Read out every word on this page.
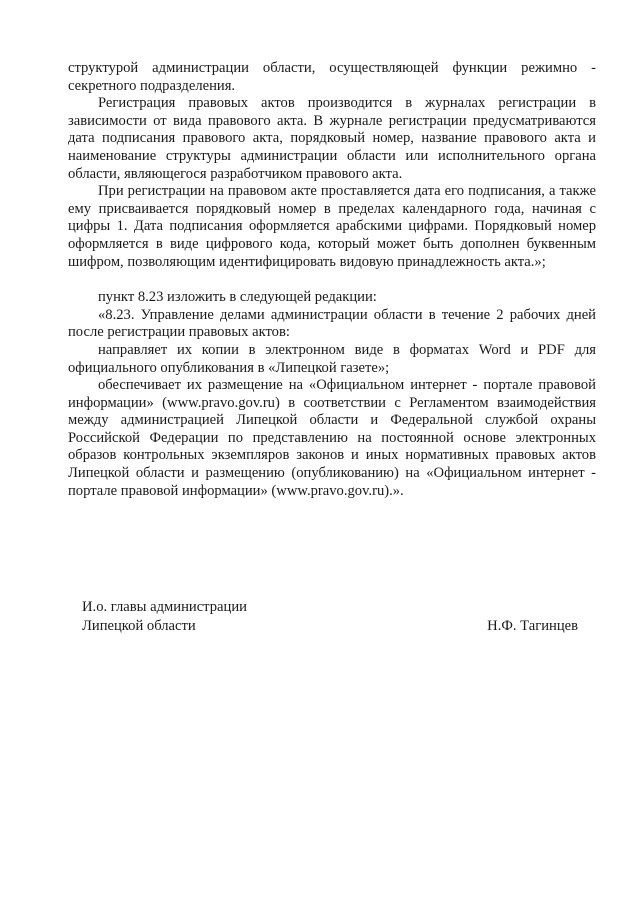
структурой администрации области, осуществляющей функции режимно - секретного подразделения.

Регистрация правовых актов производится в журналах регистрации в зависимости от вида правового акта. В журнале регистрации предусматриваются дата подписания правового акта, порядковый номер, название правового акта и наименование структуры администрации области или исполнительного органа области, являющегося разработчиком правового акта.

При регистрации на правовом акте проставляется дата его подписания, а также ему присваивается порядковый номер в пределах календарного года, начиная с цифры 1. Дата подписания оформляется арабскими цифрами. Порядковый номер оформляется в виде цифрового кода, который может быть дополнен буквенным шифром, позволяющим идентифицировать видовую принадлежность акта.»;

пункт 8.23 изложить в следующей редакции:

«8.23. Управление делами администрации области в течение 2 рабочих дней после регистрации правовых актов:

направляет их копии в электронном виде в форматах Word и PDF для официального опубликования в «Липецкой газете»;

обеспечивает их размещение на «Официальном интернет - портале правовой информации» (www.pravo.gov.ru) в соответствии с Регламентом взаимодействия между администрацией Липецкой области и Федеральной службой охраны Российской Федерации по представлению на постоянной основе электронных образов контрольных экземпляров законов и иных нормативных правовых актов Липецкой области и размещению (опубликованию) на «Официальном интернет - портале правовой информации» (www.pravo.gov.ru).».

И.о. главы администрации
Липецкой области	Н.Ф. Тагинцев
